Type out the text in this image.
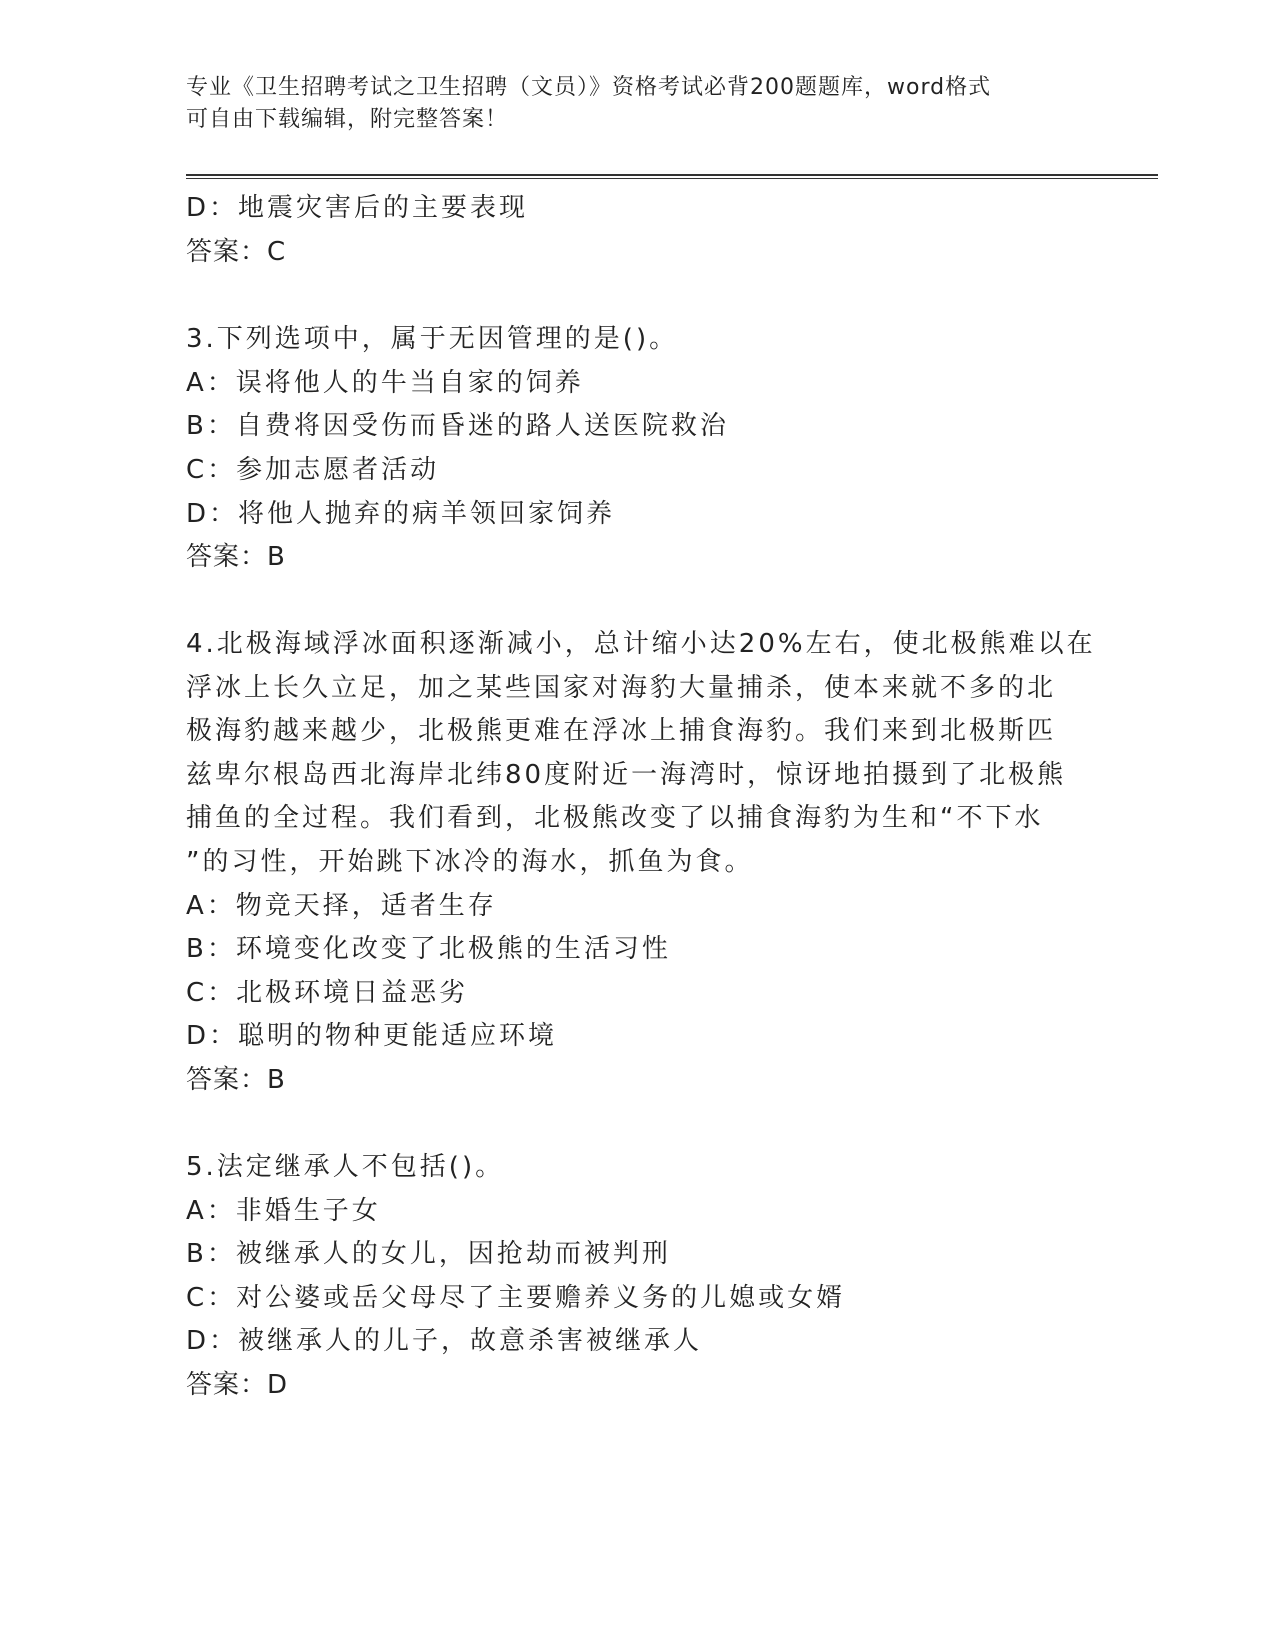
专业《卫生招聘考试之卫生招聘（文员）》资格考试必背200题题库，word格式
可自由下载编辑，附完整答案！
D：地震灾害后的主要表现
答案：C
3.下列选项中，属于无因管理的是()。
A：误将他人的牛当自家的饲养
B：自费将因受伤而昏迷的路人送医院救治
C：参加志愿者活动
D：将他人抛弃的病羊领回家饲养
答案：B
4.北极海域浮冰面积逐渐减小，总计缩小达20%左右，使北极熊难以在
浮冰上长久立足，加之某些国家对海豹大量捕杀，使本来就不多的北
极海豹越来越少，北极熊更难在浮冰上捕食海豹。我们来到北极斯匹
兹卑尔根岛西北海岸北纬80度附近一海湾时，惊讶地拍摄到了北极熊
捕鱼的全过程。我们看到，北极熊改变了以捕食海豹为生和“不下水
”的习性，开始跳下冰冷的海水，抓鱼为食。
A：物竞天择，适者生存
B：环境变化改变了北极熊的生活习性
C：北极环境日益恶劣
D：聪明的物种更能适应环境
答案：B
5.法定继承人不包括()。
A：非婚生子女
B：被继承人的女儿，因抢劫而被判刑
C：对公婆或岳父母尽了主要赡养义务的儿媳或女婿
D：被继承人的儿子，故意杀害被继承人
答案：D
